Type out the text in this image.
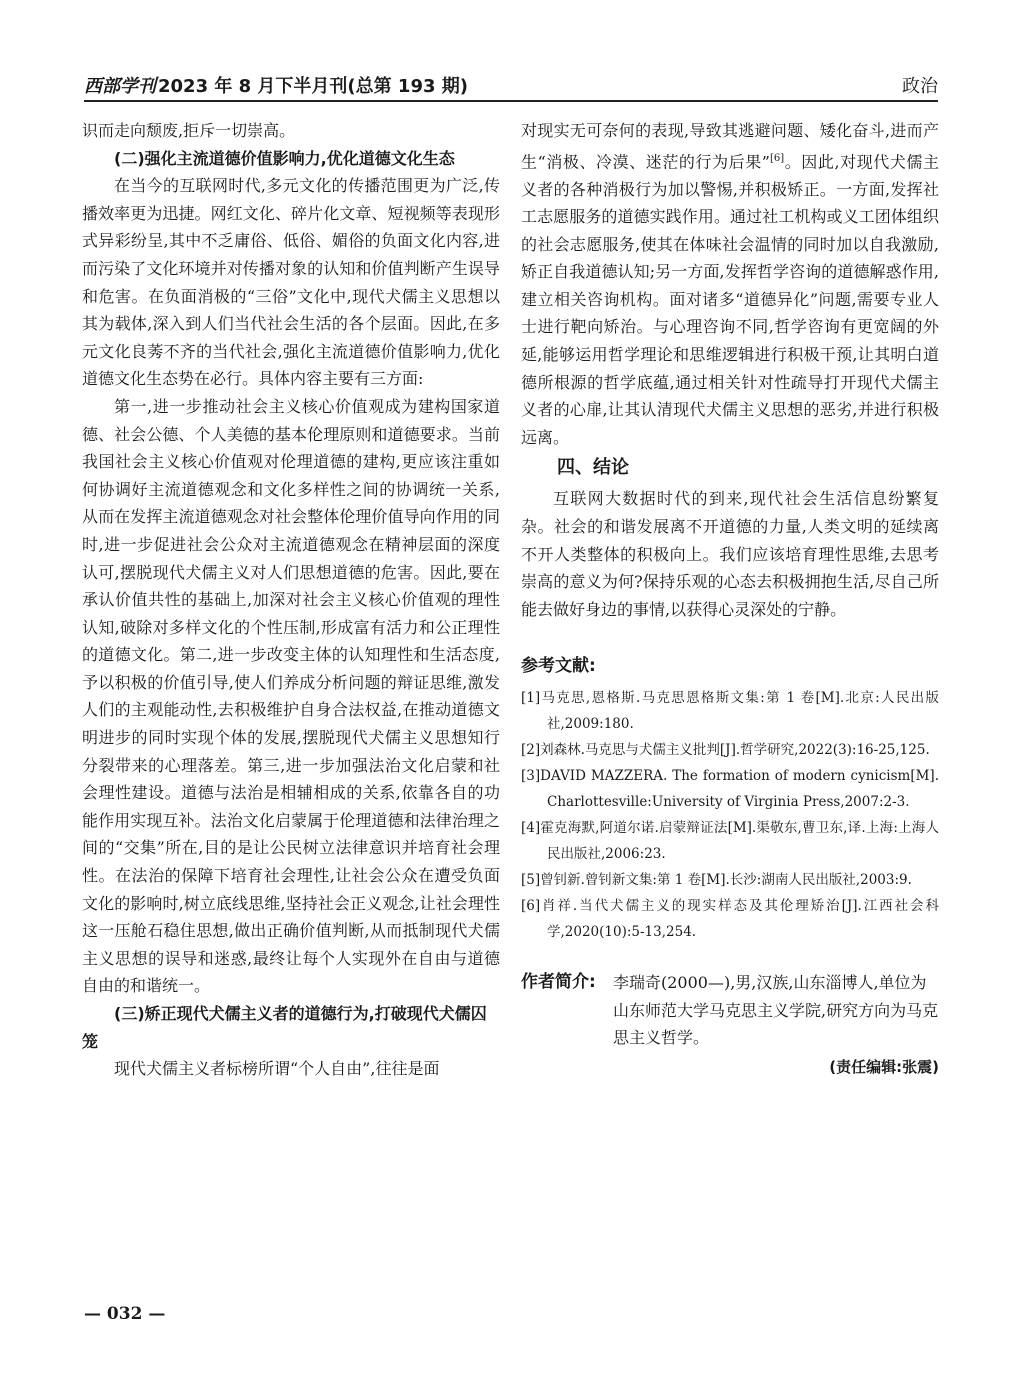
西部学刊 2023 年 8 月下半月刊(总第 193 期)	政治

识而走向颓废,拒斥一切崇高。

(二)强化主流道德价值影响力,优化道德文化生态

在当今的互联网时代,多元文化的传播范围更为广泛,传播效率更为迅捷。网红文化、碎片化文章、短视频等表现形式异彩纷呈,其中不乏庸俗、低俗、媚俗的负面文化内容,进而污染了文化环境并对传播对象的认知和价值判断产生误导和危害。在负面消极的“三俗”文化中,现代犬儒主义思想以其为载体,深入到人们当代社会生活的各个层面。因此,在多元文化良莠不齐的当代社会,强化主流道德价值影响力,优化道德文化生态势在必行。具体内容主要有三方面:

第一,进一步推动社会主义核心价值观成为建构国家道德、社会公德、个人美德的基本伦理原则和道德要求。当前我国社会主义核心价值观对伦理道德的建构,更应该注重如何协调好主流道德观念和文化多样性之间的协调统一关系,从而在发挥主流道德观念对社会整体伦理价值导向作用的同时,进一步促进社会公众对主流道德观念在精神层面的深度认可,摆脱现代犬儒主义对人们思想道德的危害。因此,要在承认价值共性的基础上,加深对社会主义核心价值观的理性认知,破除对多样文化的个性压制,形成富有活力和公正理性的道德文化。第二,进一步改变主体的认知理性和生活态度,予以积极的价值引导,使人们养成分析问题的辩证思维,激发人们的主观能动性,去积极维护自身合法权益,在推动道德文明进步的同时实现个体的发展,摆脱现代犬儒主义思想知行分裂带来的心理落差。第三,进一步加强法治文化启蒙和社会理性建设。道德与法治是相辅相成的关系,依靠各自的功能作用实现互补。法治文化启蒙属于伦理道德和法律治理之间的“交集”所在,目的是让公民树立法律意识并培育社会理性。在法治的保障下培育社会理性,让社会公众在遭受负面文化的影响时,树立底线思维,坚持社会正义观念,让社会理性这一压舱石稳住思想,做出正确价值判断,从而抵制现代犬儒主义思想的误导和迷惑,最终让每个人实现外在自由与道德自由的和谐统一。

(三)矫正现代犬儒主义者的道德行为,打破现代犬儒囚笼

现代犬儒主义者标榜所谓“个人自由”,往往是面

对现实无可奈何的表现,导致其逃避问题、矮化奋斗,进而产生“消极、冷漠、迷茫的行为后果”[6]。因此,对现代犬儒主义者的各种消极行为加以警惕,并积极矫正。一方面,发挥社工志愿服务的道德实践作用。通过社工机构或义工团体组织的社会志愿服务,使其在体味社会温情的同时加以自我激励,矫正自我道德认知;另一方面,发挥哲学咨询的道德解惑作用,建立相关咨询机构。面对诸多“道德异化”问题,需要专业人士进行靶向矫治。与心理咨询不同,哲学咨询有更宽阔的外延,能够运用哲学理论和思维逻辑进行积极干预,让其明白道德所根源的哲学底蕴,通过相关针对性疏导打开现代犬儒主义者的心扉,让其认清现代犬儒主义思想的恶劣,并进行积极远离。

四、结论

互联网大数据时代的到来,现代社会生活信息纷繁复杂。社会的和谐发展离不开道德的力量,人类文明的延续离不开人类整体的积极向上。我们应该培育理性思维,去思考崇高的意义为何?保持乐观的心态去积极拥抱生活,尽自己所能去做好身边的事情,以获得心灵深处的宁静。

参考文献:
[1]马克思,恩格斯.马克思恩格斯文集:第 1 卷[M].北京:人民出版社,2009:180.
[2]刘森林.马克思与犬儒主义批判[J].哲学研究,2022(3):16-25,125.
[3]DAVID MAZZERA. The formation of modern cynicism[M]. Charlottesville:University of Virginia Press,2007:2-3.
[4]霍克海默,阿道尔诺.启蒙辩证法[M].渠敬东,曹卫东,译.上海:上海人民出版社,2006:23.
[5]曾钊新.曾钊新文集:第 1 卷[M].长沙:湖南人民出版社,2003:9.
[6]肖祥.当代犬儒主义的现实样态及其伦理矫治[J].江西社会科学,2020(10):5-13,254.
作者简介: 李瑞奇(2000—),男,汉族,山东淄博人,单位为山东师范大学马克思主义学院,研究方向为马克思主义哲学。
(责任编辑:张震)
— 032 —
